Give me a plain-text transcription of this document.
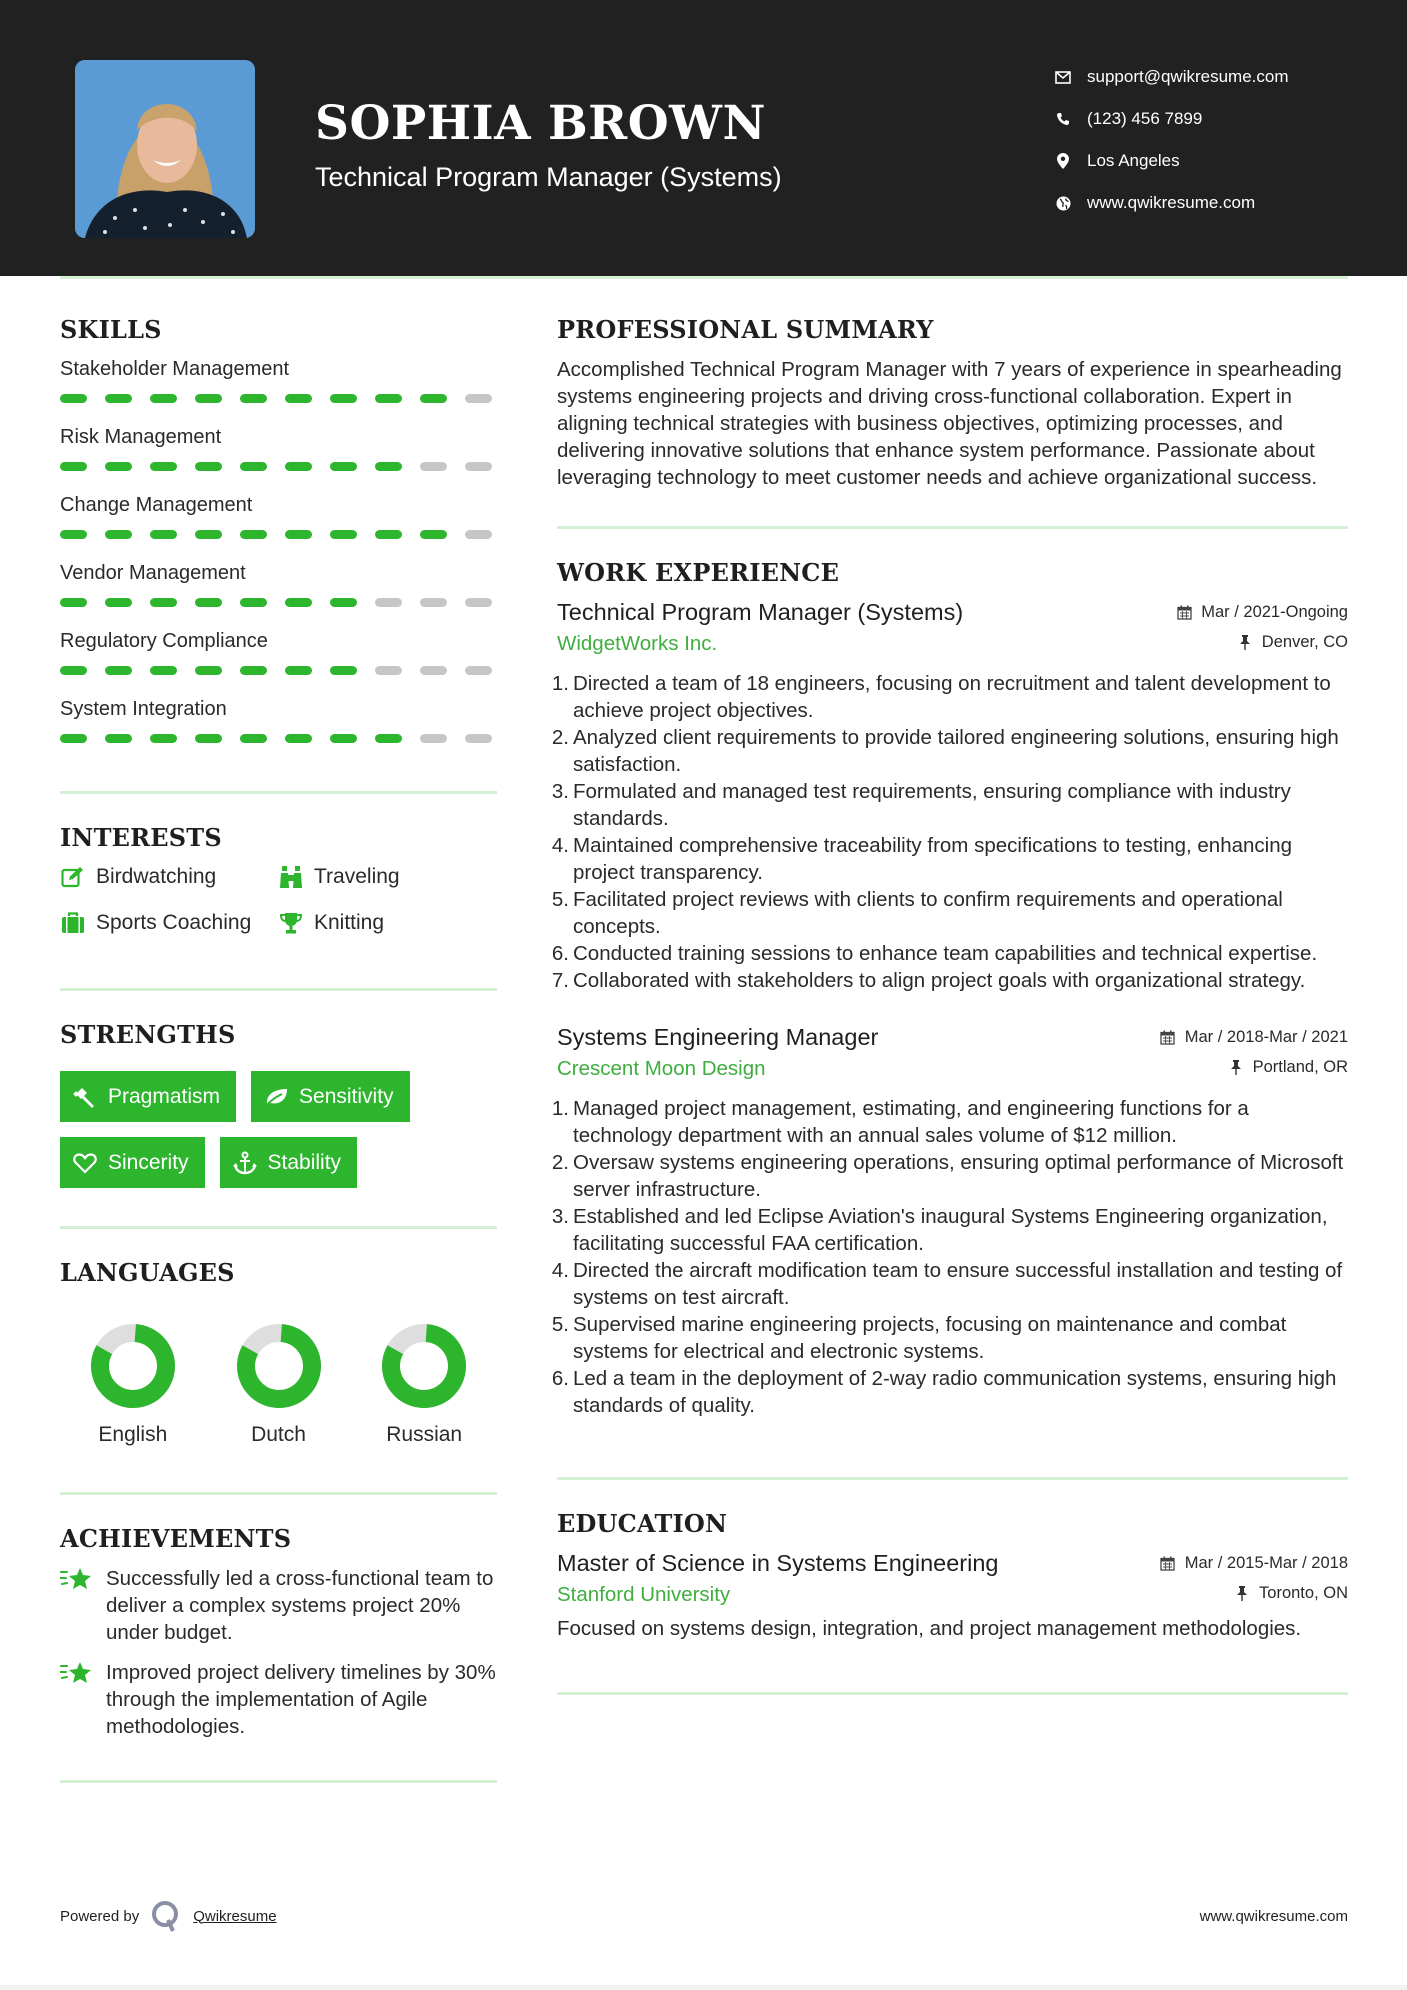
SOPHIA BROWN
Technical Program Manager (Systems)
support@qwikresume.com
(123) 456 7899
Los Angeles
www.qwikresume.com
SKILLS
Stakeholder Management
Risk Management
Change Management
Vendor Management
Regulatory Compliance
System Integration
INTERESTS
Birdwatching	Traveling
Sports Coaching	Knitting
STRENGTHS
Pragmatism	Sensitivity
Sincerity	Stability
LANGUAGES
English	Dutch	Russian
ACHIEVEMENTS
Successfully led a cross-functional team to deliver a complex systems project 20% under budget.
Improved project delivery timelines by 30% through the implementation of Agile methodologies.
PROFESSIONAL SUMMARY

Accomplished Technical Program Manager with 7 years of experience in spearheading systems engineering projects and driving cross-functional collaboration. Expert in aligning technical strategies with business objectives, optimizing processes, and delivering innovative solutions that enhance system performance. Passionate about leveraging technology to meet customer needs and achieve organizational success.

WORK EXPERIENCE
Technical Program Manager (Systems)	Mar / 2021-Ongoing
WidgetWorks Inc.	Denver, CO
1. Directed a team of 18 engineers, focusing on recruitment and talent development to achieve project objectives.
2. Analyzed client requirements to provide tailored engineering solutions, ensuring high satisfaction.
3. Formulated and managed test requirements, ensuring compliance with industry standards.
4. Maintained comprehensive traceability from specifications to testing, enhancing project transparency.
5. Facilitated project reviews with clients to confirm requirements and operational concepts.
6. Conducted training sessions to enhance team capabilities and technical expertise.
7. Collaborated with stakeholders to align project goals with organizational strategy.
Systems Engineering Manager	Mar / 2018-Mar / 2021
Crescent Moon Design	Portland, OR
1. Managed project management, estimating, and engineering functions for a technology department with an annual sales volume of $12 million.
2. Oversaw systems engineering operations, ensuring optimal performance of Microsoft server infrastructure.
3. Established and led Eclipse Aviation's inaugural Systems Engineering organization, facilitating successful FAA certification.
4. Directed the aircraft modification team to ensure successful installation and testing of systems on test aircraft.
5. Supervised marine engineering projects, focusing on maintenance and combat systems for electrical and electronic systems.
6. Led a team in the deployment of 2-way radio communication systems, ensuring high standards of quality.
EDUCATION
Master of Science in Systems Engineering	Mar / 2015-Mar / 2018
Stanford University	Toronto, ON

Focused on systems design, integration, and project management methodologies.

Powered by	Qwikresume	www.qwikresume.com
